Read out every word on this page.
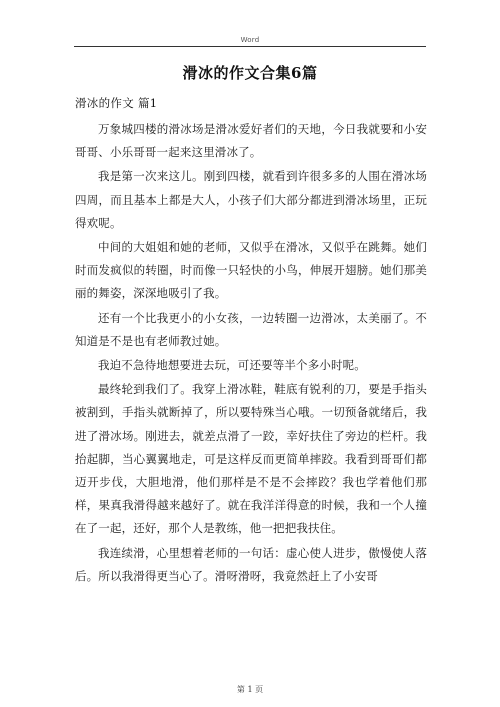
Word
滑冰的作文合集6篇
滑冰的作文 篇1

万象城四楼的滑冰场是滑冰爱好者们的天地，今日我就要和小安哥哥、小乐哥哥一起来这里滑冰了。

我是第一次来这儿。刚到四楼，就看到许很多多的人围在滑冰场四周，而且基本上都是大人，小孩子们大部分都进到滑冰场里，正玩得欢呢。

中间的大姐姐和她的老师，又似乎在滑冰，又似乎在跳舞。她们时而发疯似的转圈，时而像一只轻快的小鸟，伸展开翅膀。她们那美丽的舞姿，深深地吸引了我。

还有一个比我更小的小女孩，一边转圈一边滑冰，太美丽了。不知道是不是也有老师教过她。

我迫不急待地想要进去玩，可还要等半个多小时呢。

最终轮到我们了。我穿上滑冰鞋，鞋底有锐利的刀，要是手指头被割到，手指头就断掉了，所以要特殊当心哦。一切预备就绪后，我进了滑冰场。刚进去，就差点滑了一跤，幸好扶住了旁边的栏杆。我抬起脚，当心翼翼地走，可是这样反而更简单摔跤。我看到哥哥们都迈开步伐，大胆地滑，他们那样是不是不会摔跤？我也学着他们那样，果真我滑得越来越好了。就在我洋洋得意的时候，我和一个人撞在了一起，还好，那个人是教练，他一把把我扶住。

我连续滑，心里想着老师的一句话：虚心使人进步，傲慢使人落后。所以我滑得更当心了。滑呀滑呀，我竟然赶上了小安哥

第 1 页
